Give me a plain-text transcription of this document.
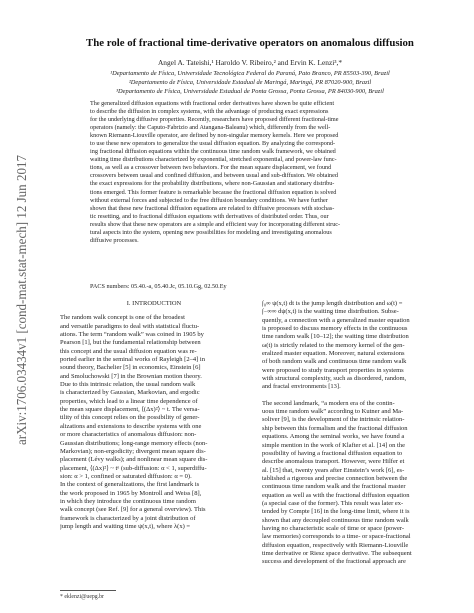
arXiv:1706.03434v1 [cond-mat.stat-mech] 12 Jun 2017
The role of fractional time-derivative operators on anomalous diffusion
Angel A. Tateishi,¹ Haroldo V. Ribeiro,² and Ervin K. Lenzi³,*
¹Departamento de Física, Universidade Tecnológica Federal do Paraná, Pato Branco, PR 85503-390, Brazil
²Departamento de Física, Universidade Estadual de Maringá, Maringá, PR 87020-900, Brazil
³Departamento de Física, Universidade Estadual de Ponta Grossa, Ponta Grossa, PR 84030-900, Brazil
The generalized diffusion equations with fractional order derivatives have shown be quite efficient
to describe the diffusion in complex systems, with the advantage of producing exact expressions
for the underlying diffusive properties. Recently, researchers have proposed different fractional-time
operators (namely: the Caputo-Fabrizio and Atangana-Baleanu) which, differently from the well-
known Riemann-Liouville operator, are defined by non-singular memory kernels. Here we proposed
to use these new operators to generalize the usual diffusion equation. By analyzing the correspond-
ing fractional diffusion equations within the continuous time random walk framework, we obtained
waiting time distributions characterized by exponential, stretched exponential, and power-law func-
tions, as well as a crossover between two behaviors. For the mean square displacement, we found
crossovers between usual and confined diffusion, and between usual and sub-diffusion. We obtained
the exact expressions for the probability distributions, where non-Gaussian and stationary distribu-
tions emerged. This former feature is remarkable because the fractional diffusion equation is solved
without external forces and subjected to the free diffusion boundary conditions. We have further
shown that these new fractional diffusion equations are related to diffusive processes with stochas-
tic resetting, and to fractional diffusion equations with derivatives of distributed order. Thus, our
results show that these new operators are a simple and efficient way for incorporating different struc-
tural aspects into the system, opening new possibilities for modeling and investigating anomalous
diffusive processes.
PACS numbers: 05.40.-a, 05.40.Jc, 05.10.Gg, 02.50.Ey
I. INTRODUCTION
The random walk concept is one of the broadest
and versatile paradigms to deal with statistical fluctu-
ations. The term “random walk” was coined in 1905 by
Pearson [1], but the fundamental relationship between
this concept and the usual diffusion equation was re-
ported earlier in the seminal works of Rayleigh [2–4] in
sound theory, Bachelier [5] in economics, Einstein [6]
and Smoluchowski [7] in the Brownian motion theory.
Due to this intrinsic relation, the usual random walk
is characterized by Gaussian, Markovian, and ergodic
properties, which lead to a linear time dependence of
the mean square displacement, ⟨(Δx)²⟩ ~ t. The versa-
tility of this concept relies on the possibility of gener-
alizations and extensions to describe systems with one
or more characteristics of anomalous diffusion: non-
Gaussian distributions; long-range memory effects (non-
Markovian); non-ergodicity; divergent mean square dis-
placement (Lévy walks); and nonlinear mean square dis-
placement, ⟨(Δx)²⟩ ~ tᵅ (sub-diffusion: α < 1, superdiffu-
sion: α > 1, confined or saturated diffusion: α = 0).
In the context of generalizations, the first landmark is
the work proposed in 1965 by Montroll and Weiss [8],
in which they introduce the continuous time random
walk concept (see Ref. [9] for a general overview). This
framework is characterized by a joint distribution of
jump length and waiting time ψ(x,t), where λ(x) =
∫₀∞ ψ(x,t) dt is the jump length distribution and ω(t) =
∫₋∞∞ dψ(x,t) is the waiting time distribution. Subse-
quently, a connection with a generalized master equation
is proposed to discuss memory effects in the continuous
time random walk [10–12]; the waiting time distribution
ω(t) is strictly related to the memory kernel of the gen-
eralized master equation. Moreover, natural extensions
of both random walk and continuous time random walk
were proposed to study transport properties in systems
with structural complexity, such as disordered, random,
and fractal environments [13].
The second landmark, “a modern era of the contin-
uous time random walk” according to Kutner and Ma-
soliver [9], is the development of the intrinsic relation-
ship between this formalism and the fractional diffusion
equations. Among the seminal works, we have found a
simple mention in the work of Klafter et al. [14] on the
possibility of having a fractional diffusion equation to
describe anomalous transport. However, were Hilfer et
al. [15] that, twenty years after Einstein’s work [6], es-
tablished a rigorous and precise connection between the
continuous time random walk and the fractional master
equation as well as with the fractional diffusion equation
(a special case of the former). This result was later ex-
tended by Compte [16] in the long-time limit, where it is
shown that any decoupled continuous time random walk
having no characteristic scale of time or space (power-
law memories) corresponds to a time- or space-fractional
diffusion equation, respectively with Riemann-Liouville
time derivative or Riesz space derivative. The subsequent
success and development of the fractional approach are
* eklenzi@uepg.br
